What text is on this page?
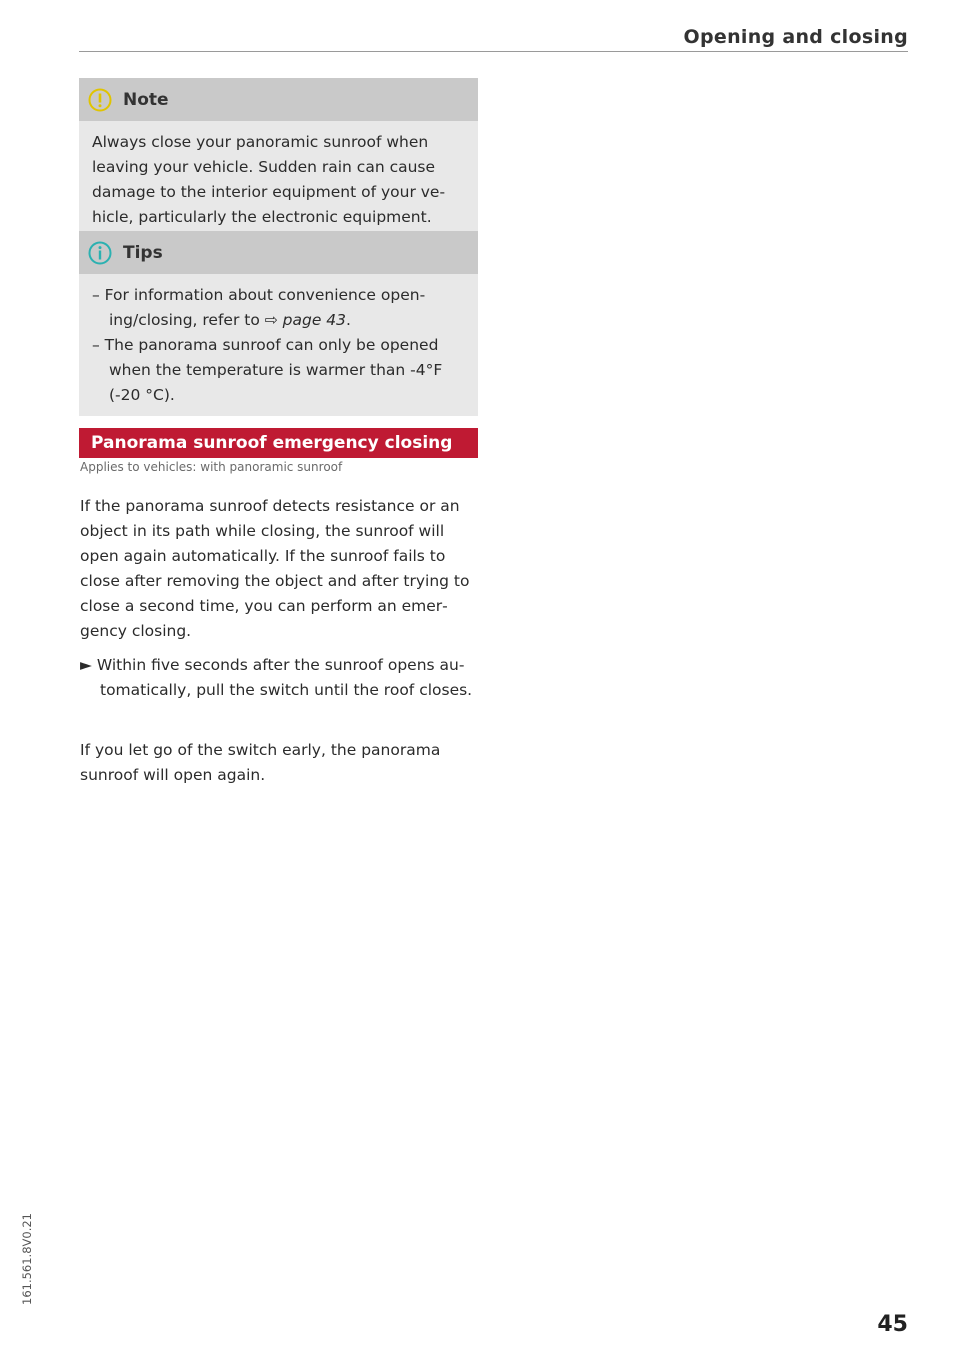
Opening and closing
Note
Always close your panoramic sunroof when leaving your vehicle. Sudden rain can cause damage to the interior equipment of your vehicle, particularly the electronic equipment.
Tips
– For information about convenience opening/closing, refer to ⇨ page 43.
– The panorama sunroof can only be opened when the temperature is warmer than -4°F (-20 °C).
Panorama sunroof emergency closing
Applies to vehicles: with panoramic sunroof
If the panorama sunroof detects resistance or an object in its path while closing, the sunroof will open again automatically. If the sunroof fails to close after removing the object and after trying to close a second time, you can perform an emergency closing.
► Within five seconds after the sunroof opens automatically, pull the switch until the roof closes.
If you let go of the switch early, the panorama sunroof will open again.
161.561.8V0.21
45
